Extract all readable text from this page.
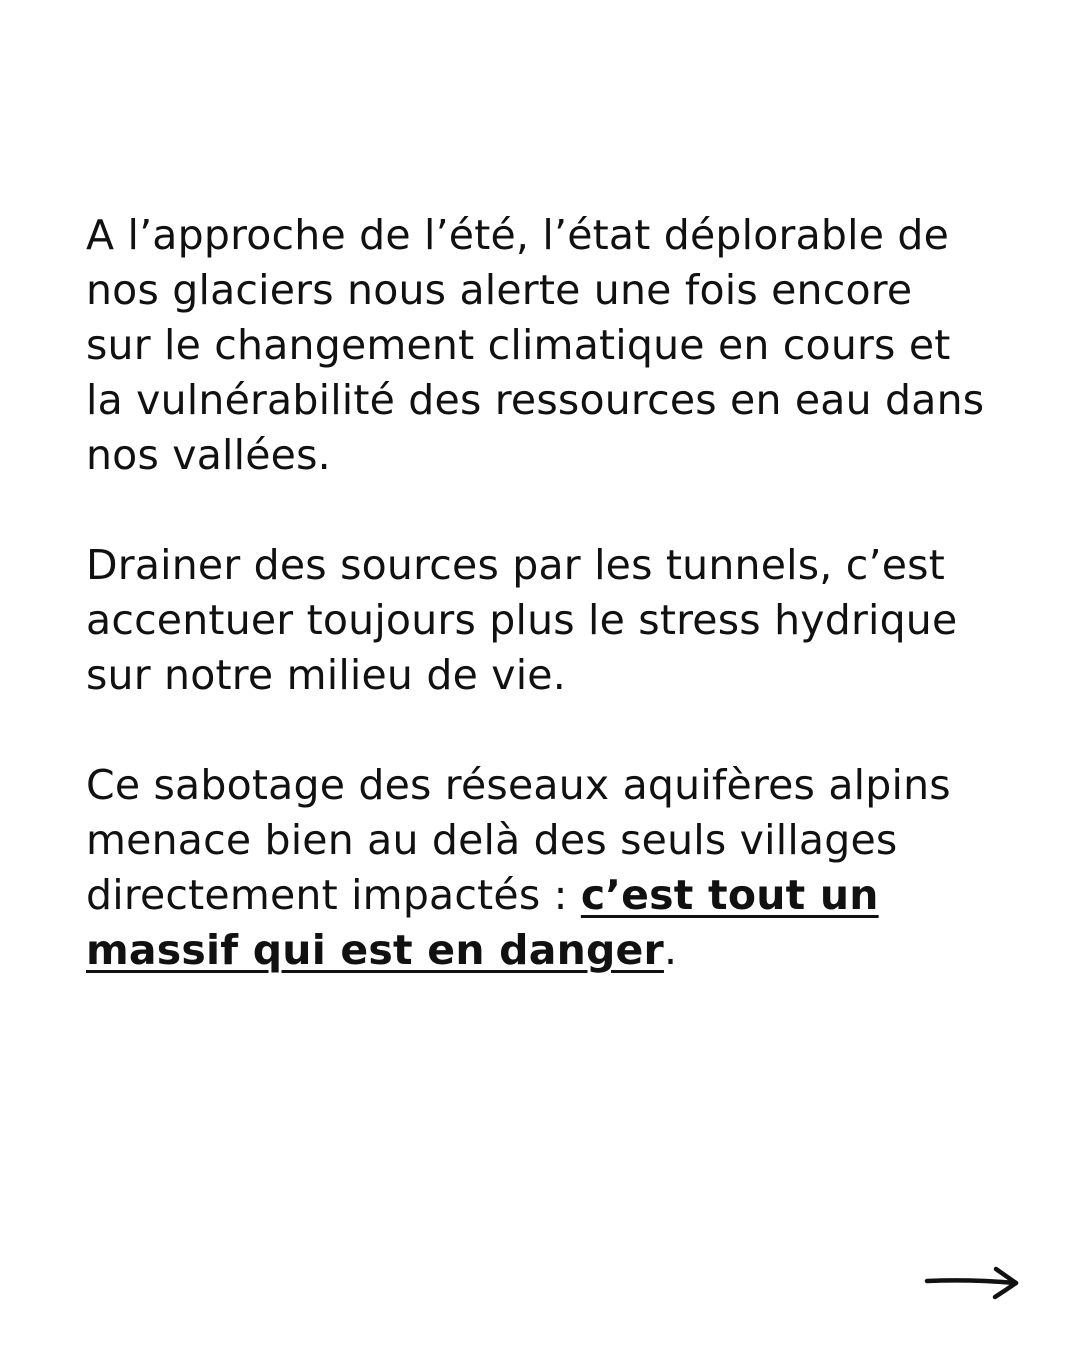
A l’approche de l’été, l’état déplorable de
nos glaciers nous alerte une fois encore
sur le changement climatique en cours et
la vulnérabilité des ressources en eau dans
nos vallées.

Drainer des sources par les tunnels, c’est
accentuer toujours plus le stress hydrique
sur notre milieu de vie.

Ce sabotage des réseaux aquifères alpins
menace bien au delà des seuls villages
directement impactés : c’est tout un
massif qui est en danger.
